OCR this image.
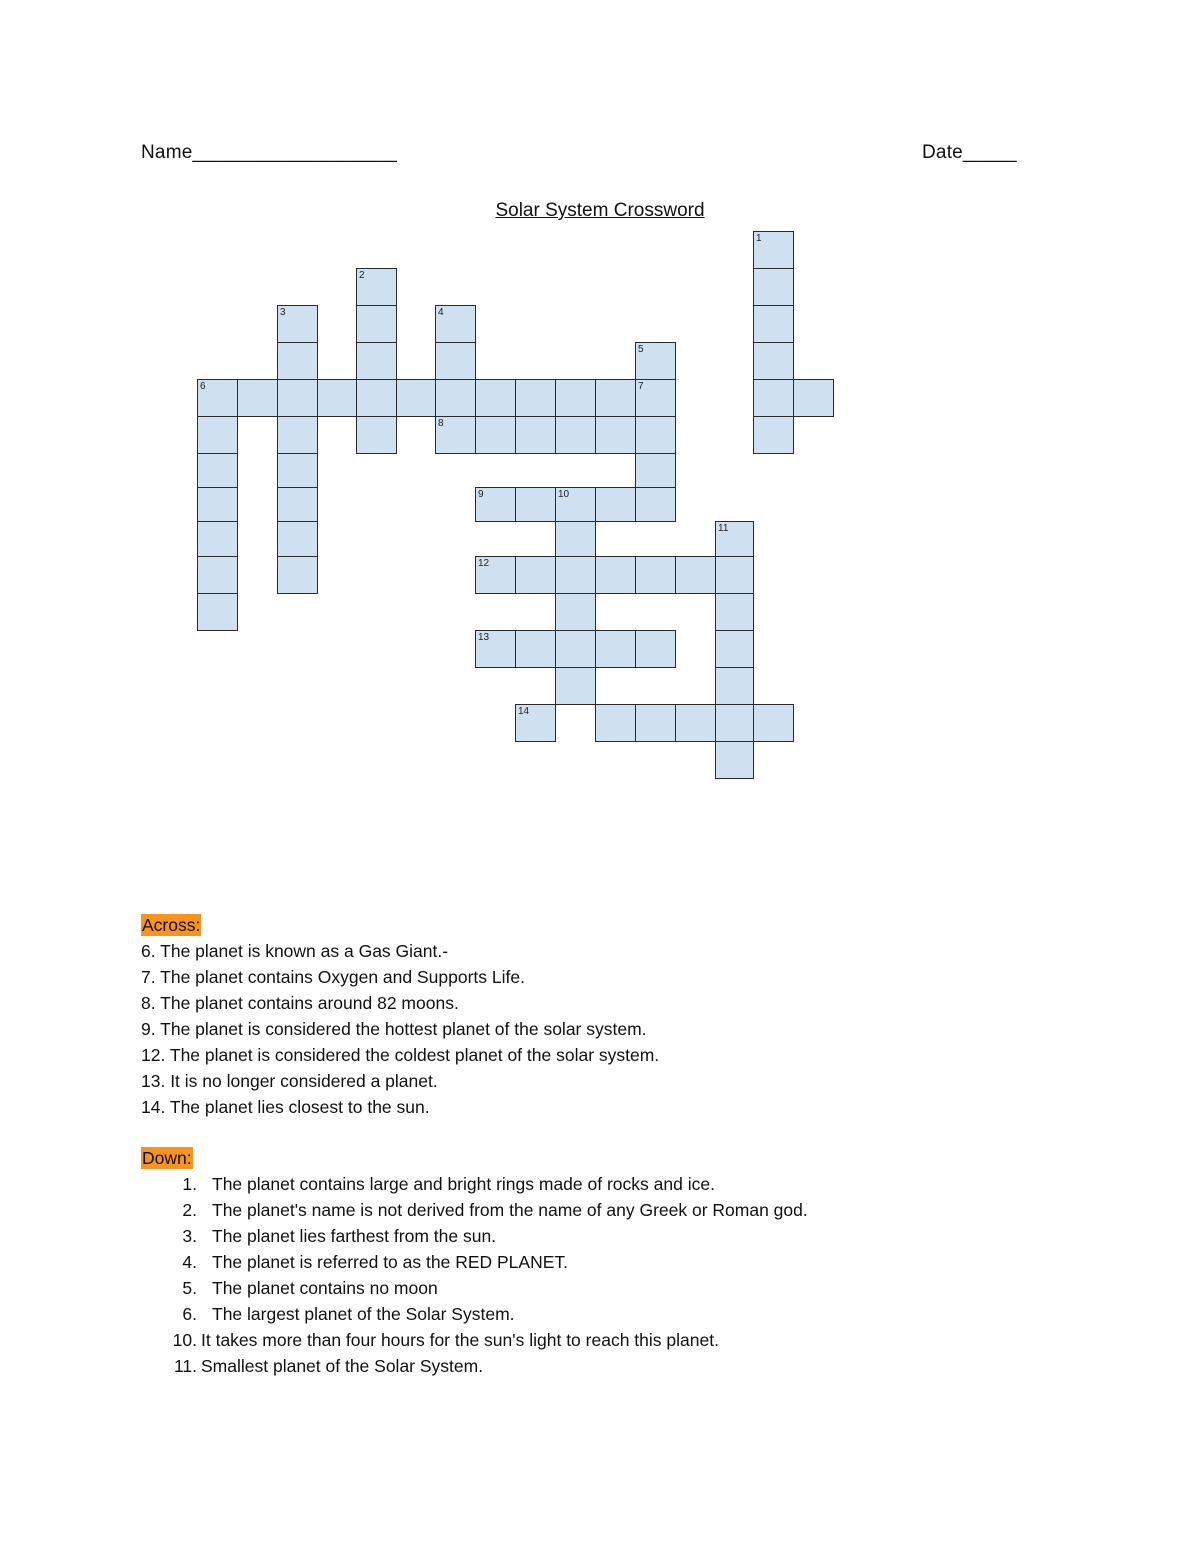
Name___________________	Date_____
Solar System Crossword
1
2
3	4
6	7
5
8
9	10
11
12
13
14
Across:
6. The planet is known as a Gas Giant.-
7. The planet contains Oxygen and Supports Life.
8. The planet contains around 82 moons.
9. The planet is considered the hottest planet of the solar system.
12. The planet is considered the coldest planet of the solar system.
13. It is no longer considered a planet.
14. The planet lies closest to the sun.
Down:
1. The planet contains large and bright rings made of rocks and ice.
2. The planet's name is not derived from the name of any Greek or Roman god.
3. The planet lies farthest from the sun.
4. The planet is referred to as the RED PLANET.
5. The planet contains no moon
6. The largest planet of the Solar System.
10. It takes more than four hours for the sun's light to reach this planet.
11. Smallest planet of the Solar System.
